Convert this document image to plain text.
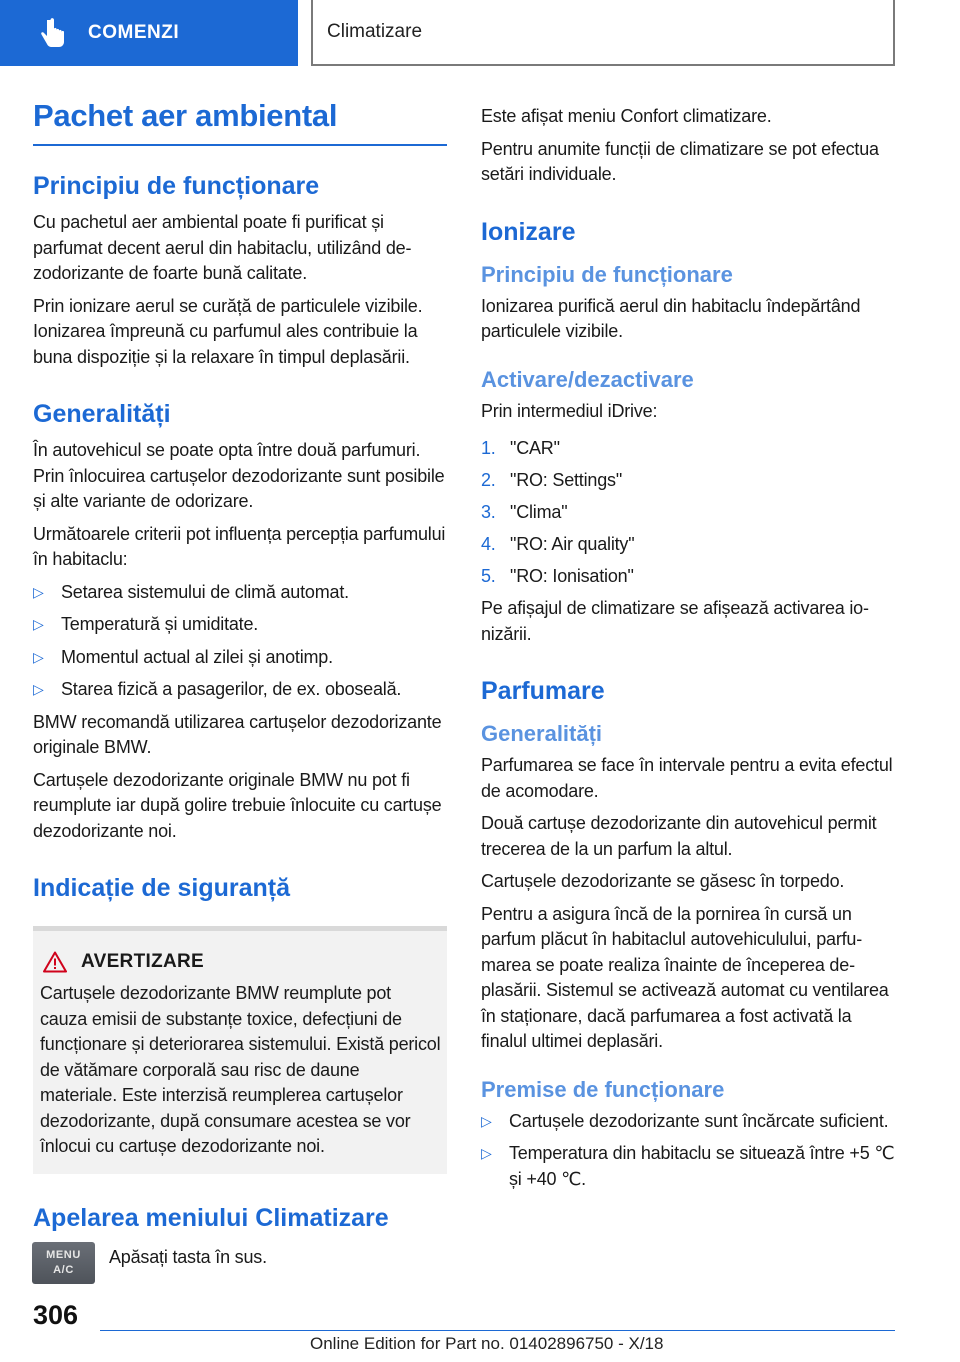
COMENZI	Climatizare
Pachet aer ambiental
Principiu de funcționare

Cu pachetul aer ambiental poate fi purificat și parfumat decent aerul din habitaclu, utilizând dezodorizante de foarte bună calitate.

Prin ionizare aerul se curăță de particulele vizibile. Ionizarea împreună cu parfumul ales contribuie la buna dispoziție și la relaxare în timpul deplasării.

Generalități

În autovehicul se poate opta între două parfumuri. Prin înlocuirea cartușelor dezodorizante sunt posibile și alte variante de odorizare.

Următoarele criterii pot influența percepția parfumului în habitaclu:

▷ Setarea sistemului de climă automat.
▷ Temperatură și umiditate.
▷ Momentul actual al zilei și anotimp.
▷ Starea fizică a pasagerilor, de ex. oboseală.

BMW recomandă utilizarea cartușelor dezodorizante originale BMW.

Cartușele dezodorizante originale BMW nu pot fi reumplute iar după golire trebuie înlocuite cu cartușe dezodorizante noi.

Indicație de siguranță
AVERTIZARE

Cartușele dezodorizante BMW reumplute pot cauza emisii de substanțe toxice, defecțiuni de funcționare și deteriorarea sistemului. Există pericol de vătămare corporală sau risc de daune materiale. Este interzisă reumplerea cartușelor dezodorizante, după consumare acestea se vor înlocui cu cartușe dezodorizante noi.

Apelarea meniului Climatizare
MENU
A/C

Apăsați tasta în sus.

Este afișat meniu Confort climatizare.

Pentru anumite funcții de climatizare se pot efectua setări individuale.

Ionizare
Principiu de funcționare

Ionizarea purifică aerul din habitaclu îndepărtând particulele vizibile.

Activare/dezactivare

Prin intermediul iDrive:

1. "CAR"
2. "RO: Settings"
3. "Clima"
4. "RO: Air quality"
5. "RO: Ionisation"

Pe afișajul de climatizare se afișează activarea ionizării.

Parfumare
Generalități

Parfumarea se face în intervale pentru a evita efectul de acomodare.

Două cartușe dezodorizante din autovehicul permit trecerea de la un parfum la altul.

Cartușele dezodorizante se găsesc în torpedo.

Pentru a asigura încă de la pornirea în cursă un parfum plăcut în habitaclul autovehiculului, parfumarea se poate realiza înainte de începerea deplasării. Sistemul se activează automat cu ventilarea în staționare, dacă parfumarea a fost activată la finalul ultimei deplasări.

Premise de funcționare
▷ Cartușele dezodorizante sunt încărcate suficient.
▷ Temperatura din habitaclu se situează între +5 ℃ și +40 ℃.
306
Online Edition for Part no. 01402896750 - X/18
